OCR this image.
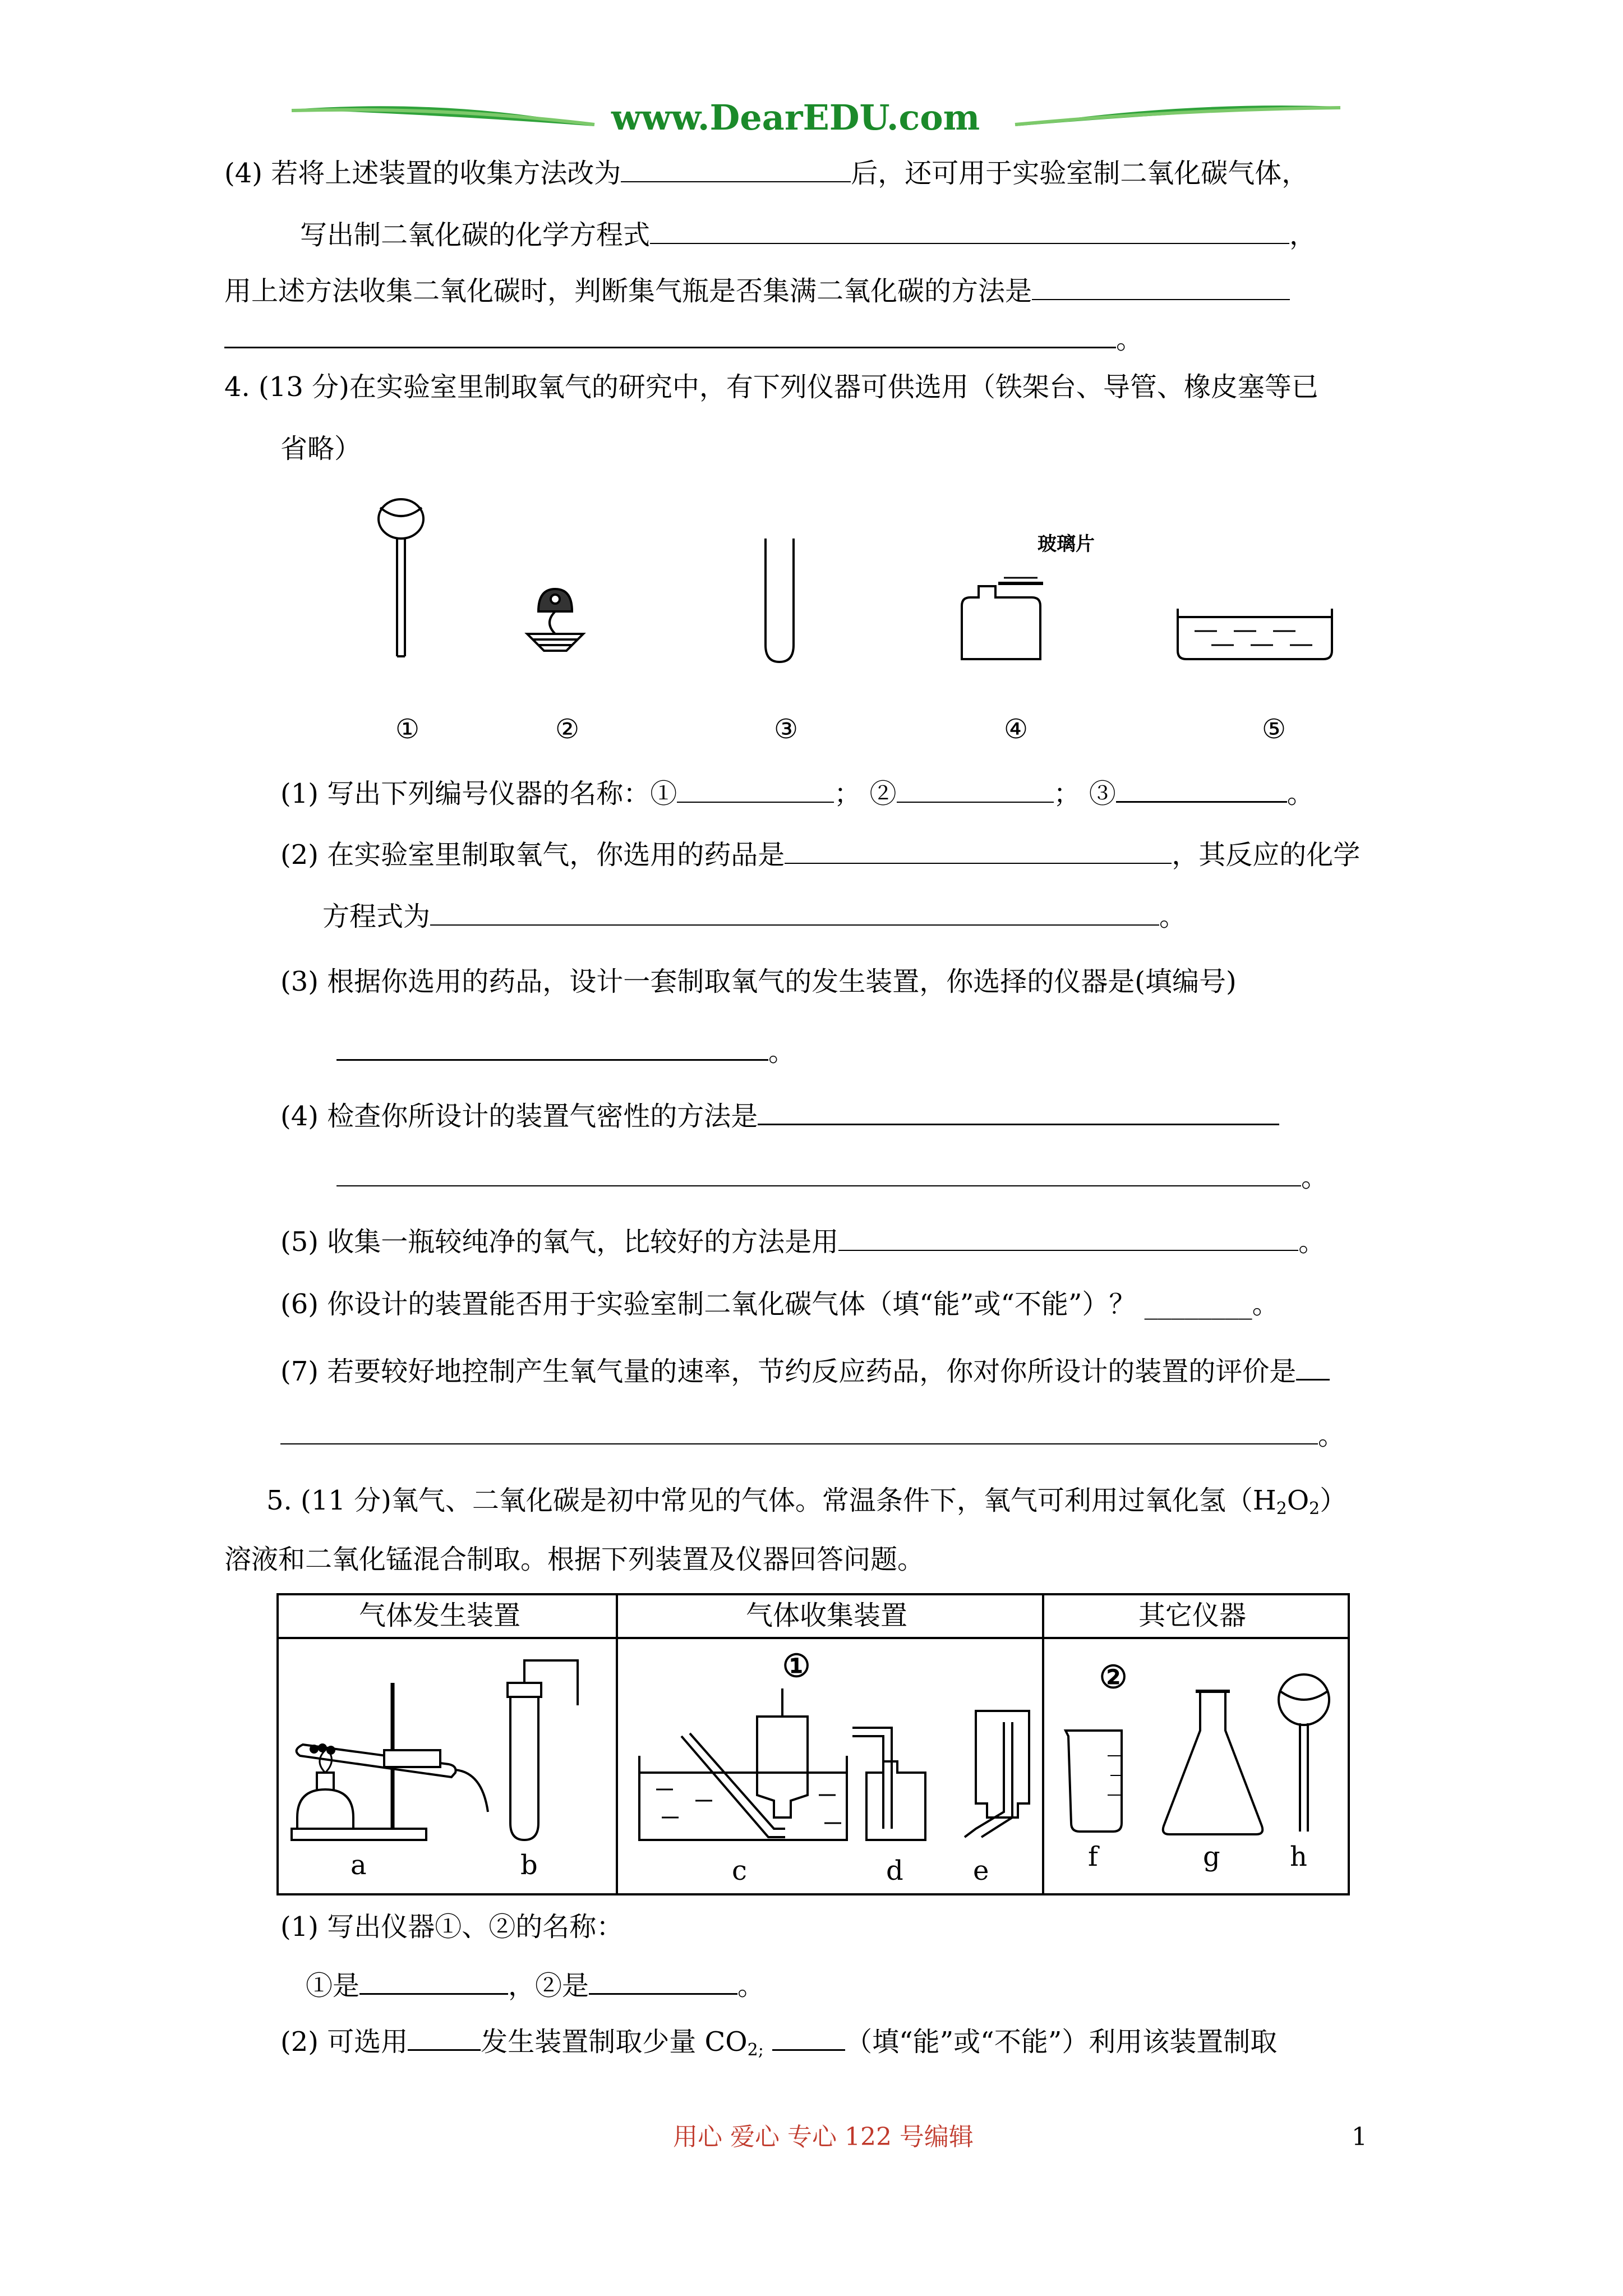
www.DearEDU.com
(4) 若将上述装置的收集方法改为	后，还可用于实验室制二氧化碳气体，
写出制二氧化碳的化学方程式	，
用上述方法收集二氧化碳时，判断集气瓶是否集满二氧化碳的方法是
。
4. (13 分)在实验室里制取氧气的研究中，有下列仪器可供选用（铁架台、导管、橡皮塞等已
省略）
玻璃片
①	②	③	④	⑤
(1) 写出下列编号仪器的名称：①	； ②	； ③	。
(2) 在实验室里制取氧气，你选用的药品是	，其反应的化学
方程式为	。
(3) 根据你选用的药品，设计一套制取氧气的发生装置，你选择的仪器是(填编号)
。
(4) 检查你所设计的装置气密性的方法是
。
(5) 收集一瓶较纯净的氧气，比较好的方法是用	。
(6) 你设计的装置能否用于实验室制二氧化碳气体（填“能”或“不能”）？ ________。
(7) 若要较好地控制产生氧气量的速率，节约反应药品，你对你所设计的装置的评价是
。
5. (11 分)氧气、二氧化碳是初中常见的气体。常温条件下，氧气可利用过氧化氢$(H_2O_2)$
溶液和二氧化锰混合制取。根据下列装置及仪器回答问题。
气体发生装置	气体收集装置	其它仪器
①	②
a	b	c	d	e	f	g	h
(1) 写出仪器①、②的名称：
①是	，②是	。
(2) 可选用	发生装置制取少量 $CO_{2;}$	（填“能”或“不能”）利用该装置制取
用心 爱心 专心 122 号编辑	1
